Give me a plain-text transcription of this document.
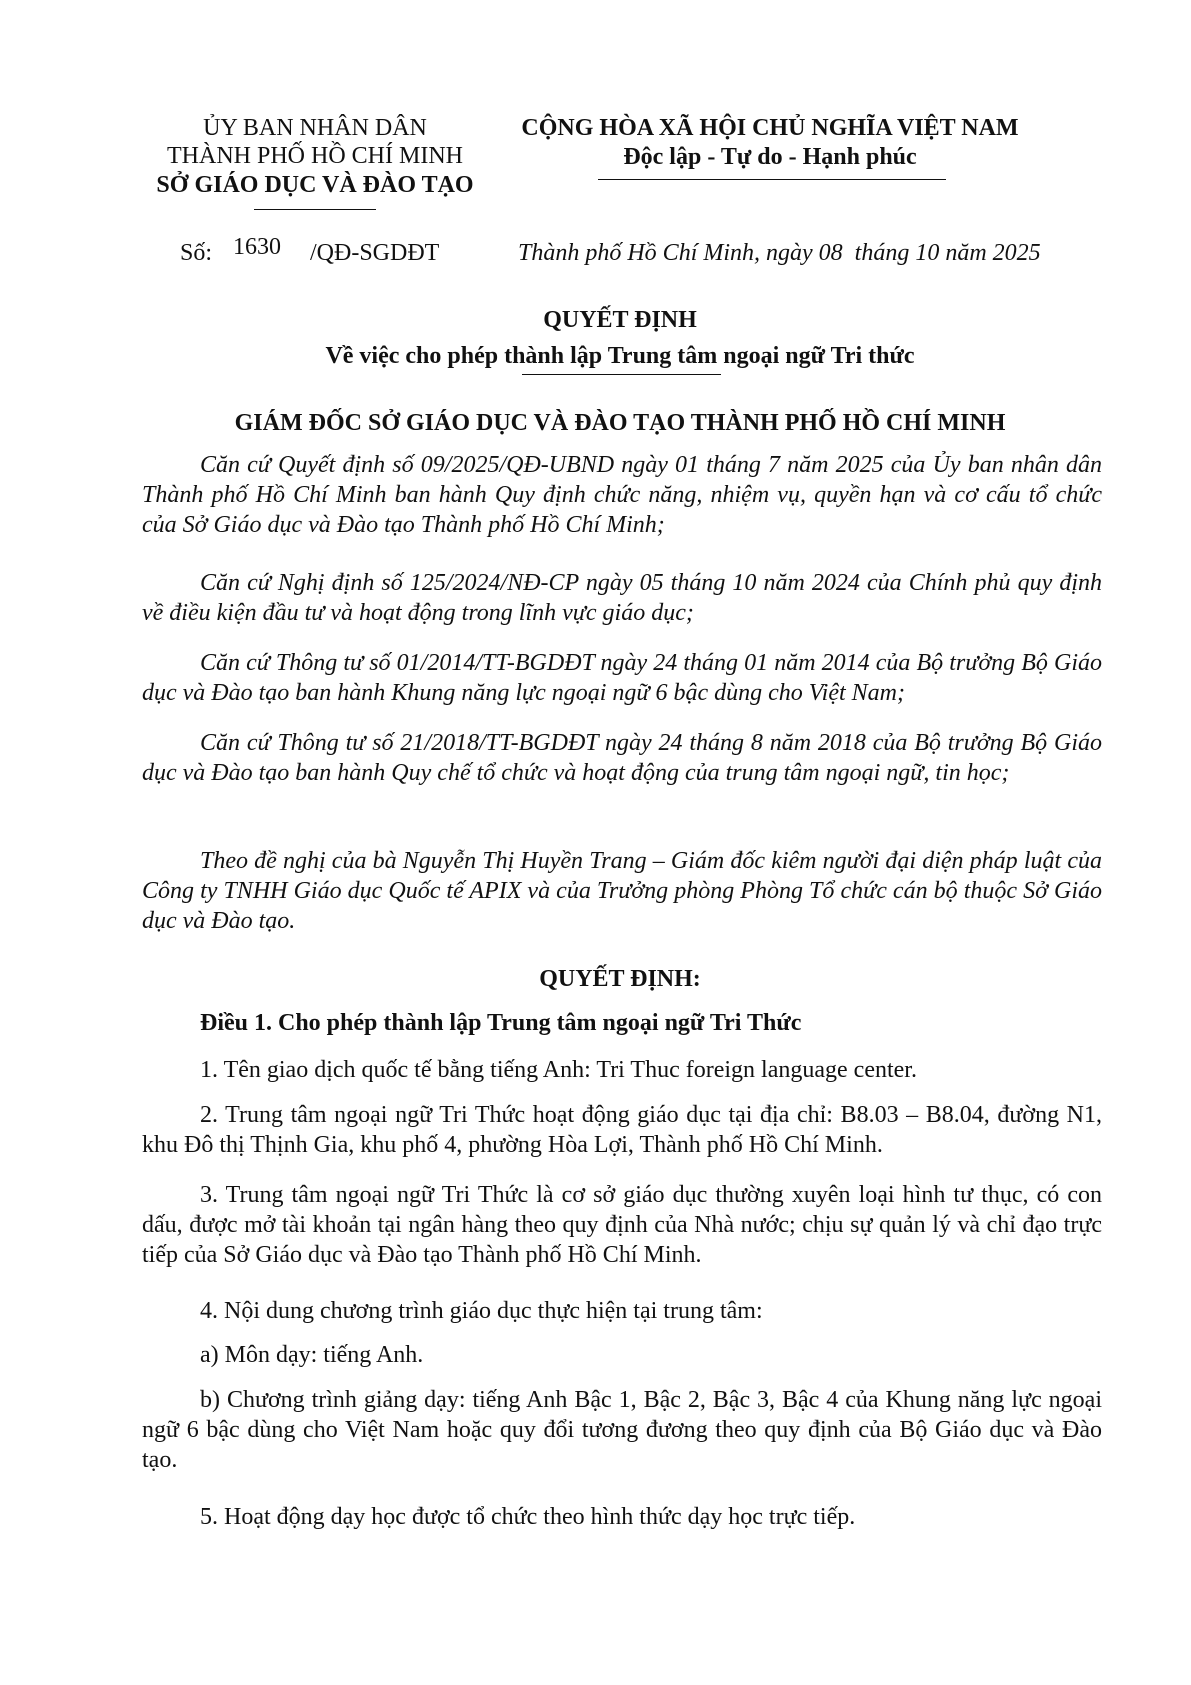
ỦY BAN NHÂN DÂN
THÀNH PHỐ HỒ CHÍ MINH
SỞ GIÁO DỤC VÀ ĐÀO TẠO
CỘNG HÒA XÃ HỘI CHỦ NGHĨA VIỆT NAM
Độc lập - Tự do - Hạnh phúc
Số: 1630 /QĐ-SGDĐT	Thành phố Hồ Chí Minh, ngày 08  tháng 10 năm 2025
QUYẾT ĐỊNH
Về việc cho phép thành lập Trung tâm ngoại ngữ Tri thức
GIÁM ĐỐC SỞ GIÁO DỤC VÀ ĐÀO TẠO THÀNH PHỐ HỒ CHÍ MINH
Căn cứ Quyết định số 09/2025/QĐ-UBND ngày 01 tháng 7 năm 2025 của Ủy ban nhân dân Thành phố Hồ Chí Minh ban hành Quy định chức năng, nhiệm vụ, quyền hạn và cơ cấu tổ chức của Sở Giáo dục và Đào tạo Thành phố Hồ Chí Minh;
Căn cứ Nghị định số 125/2024/NĐ-CP ngày 05 tháng 10 năm 2024 của Chính phủ quy định về điều kiện đầu tư và hoạt động trong lĩnh vực giáo dục;
Căn cứ Thông tư số 01/2014/TT-BGDĐT ngày 24 tháng 01 năm 2014 của Bộ trưởng Bộ Giáo dục và Đào tạo ban hành Khung năng lực ngoại ngữ 6 bậc dùng cho Việt Nam;
Căn cứ Thông tư số 21/2018/TT-BGDĐT ngày 24 tháng 8 năm 2018 của Bộ trưởng Bộ Giáo dục và Đào tạo ban hành Quy chế tổ chức và hoạt động của trung tâm ngoại ngữ, tin học;
Theo đề nghị của bà Nguyễn Thị Huyền Trang – Giám đốc kiêm người đại diện pháp luật của Công ty TNHH Giáo dục Quốc tế APIX và của Trưởng phòng Phòng Tổ chức cán bộ thuộc Sở Giáo dục và Đào tạo.
QUYẾT ĐỊNH:
Điều 1. Cho phép thành lập Trung tâm ngoại ngữ Tri Thức
1. Tên giao dịch quốc tế bằng tiếng Anh: Tri Thuc foreign language center.
2. Trung tâm ngoại ngữ Tri Thức hoạt động giáo dục tại địa chỉ: B8.03 – B8.04, đường N1, khu Đô thị Thịnh Gia, khu phố 4, phường Hòa Lợi, Thành phố Hồ Chí Minh.
3. Trung tâm ngoại ngữ Tri Thức là cơ sở giáo dục thường xuyên loại hình tư thục, có con dấu, được mở tài khoản tại ngân hàng theo quy định của Nhà nước; chịu sự quản lý và chỉ đạo trực tiếp của Sở Giáo dục và Đào tạo Thành phố Hồ Chí Minh.
4. Nội dung chương trình giáo dục thực hiện tại trung tâm:
a) Môn dạy: tiếng Anh.
b) Chương trình giảng dạy: tiếng Anh Bậc 1, Bậc 2, Bậc 3, Bậc 4 của Khung năng lực ngoại ngữ 6 bậc dùng cho Việt Nam hoặc quy đổi tương đương theo quy định của Bộ Giáo dục và Đào tạo.
5. Hoạt động dạy học được tổ chức theo hình thức dạy học trực tiếp.
